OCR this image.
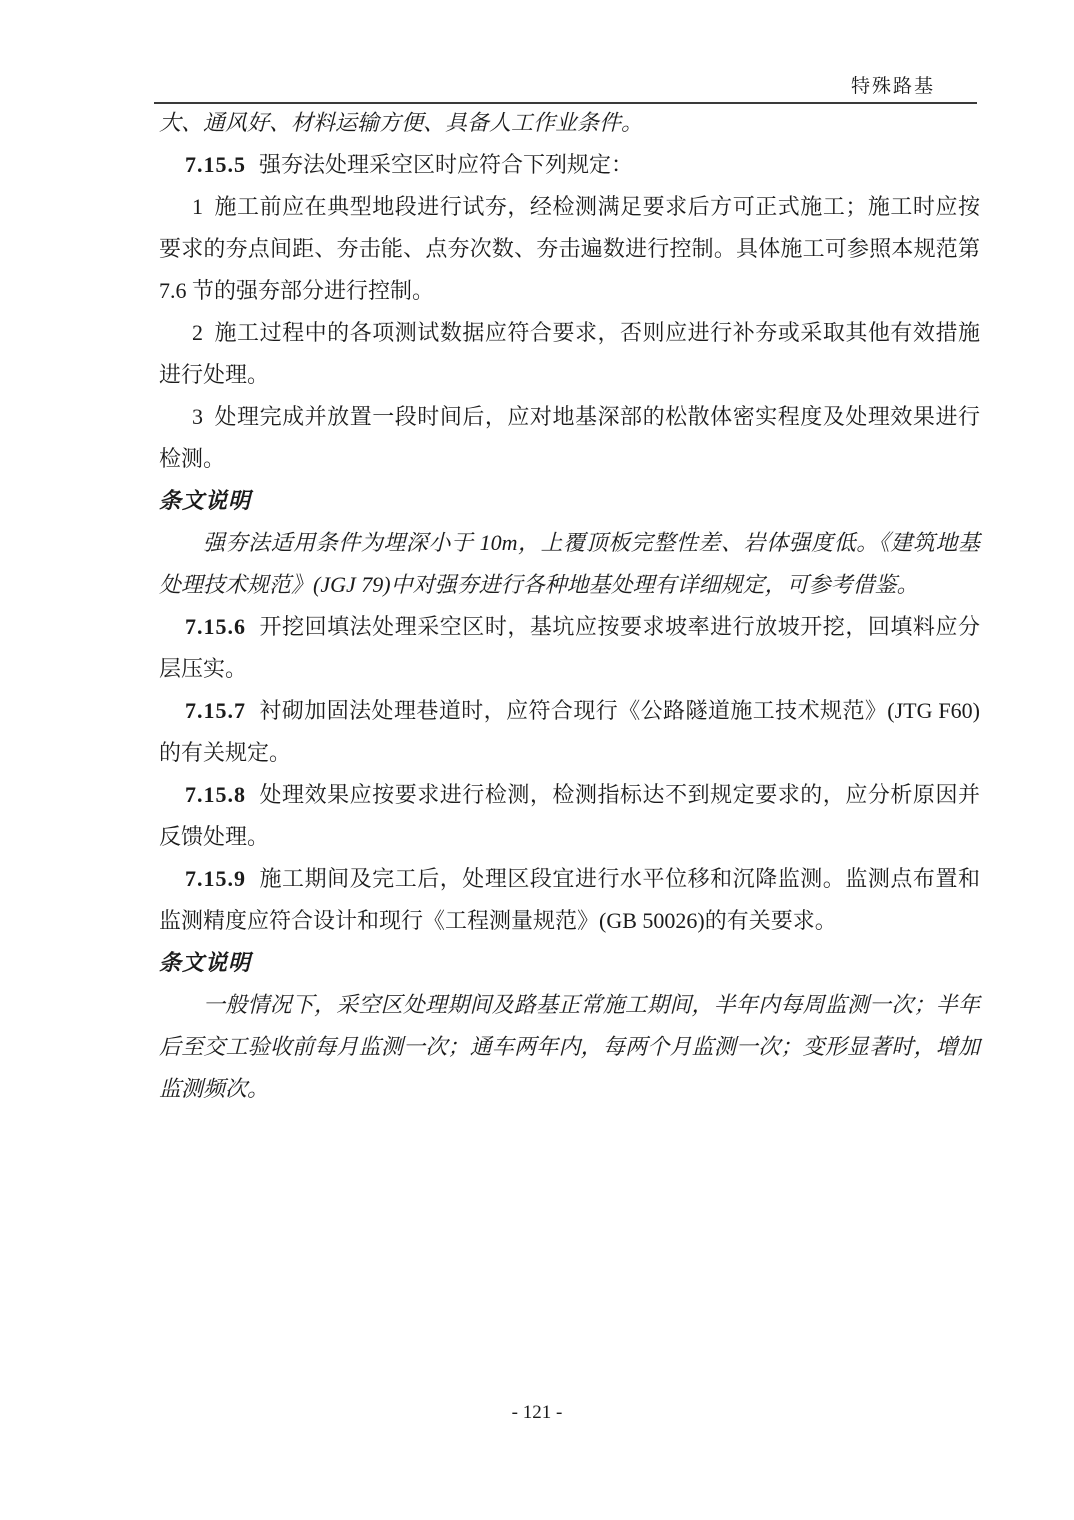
特殊路基

大、通风好、材料运输方便、具备人工作业条件。

7.15.5 强夯法处理采空区时应符合下列规定：

1 施工前应在典型地段进行试夯，经检测满足要求后方可正式施工；施工时应按要求的夯点间距、夯击能、点夯次数、夯击遍数进行控制。具体施工可参照本规范第 7.6 节的强夯部分进行控制。

2 施工过程中的各项测试数据应符合要求，否则应进行补夯或采取其他有效措施进行处理。

3 处理完成并放置一段时间后，应对地基深部的松散体密实程度及处理效果进行检测。

条文说明

强夯法适用条件为埋深小于 10m，上覆顶板完整性差、岩体强度低。《建筑地基处理技术规范》(JGJ 79)中对强夯进行各种地基处理有详细规定，可参考借鉴。

7.15.6 开挖回填法处理采空区时，基坑应按要求坡率进行放坡开挖，回填料应分层压实。

7.15.7 衬砌加固法处理巷道时，应符合现行《公路隧道施工技术规范》(JTG F60)的有关规定。

7.15.8 处理效果应按要求进行检测，检测指标达不到规定要求的，应分析原因并反馈处理。

7.15.9 施工期间及完工后，处理区段宜进行水平位移和沉降监测。监测点布置和监测精度应符合设计和现行《工程测量规范》(GB 50026)的有关要求。

条文说明

一般情况下，采空区处理期间及路基正常施工期间，半年内每周监测一次；半年后至交工验收前每月监测一次；通车两年内，每两个月监测一次；变形显著时，增加监测频次。

- 121 -
